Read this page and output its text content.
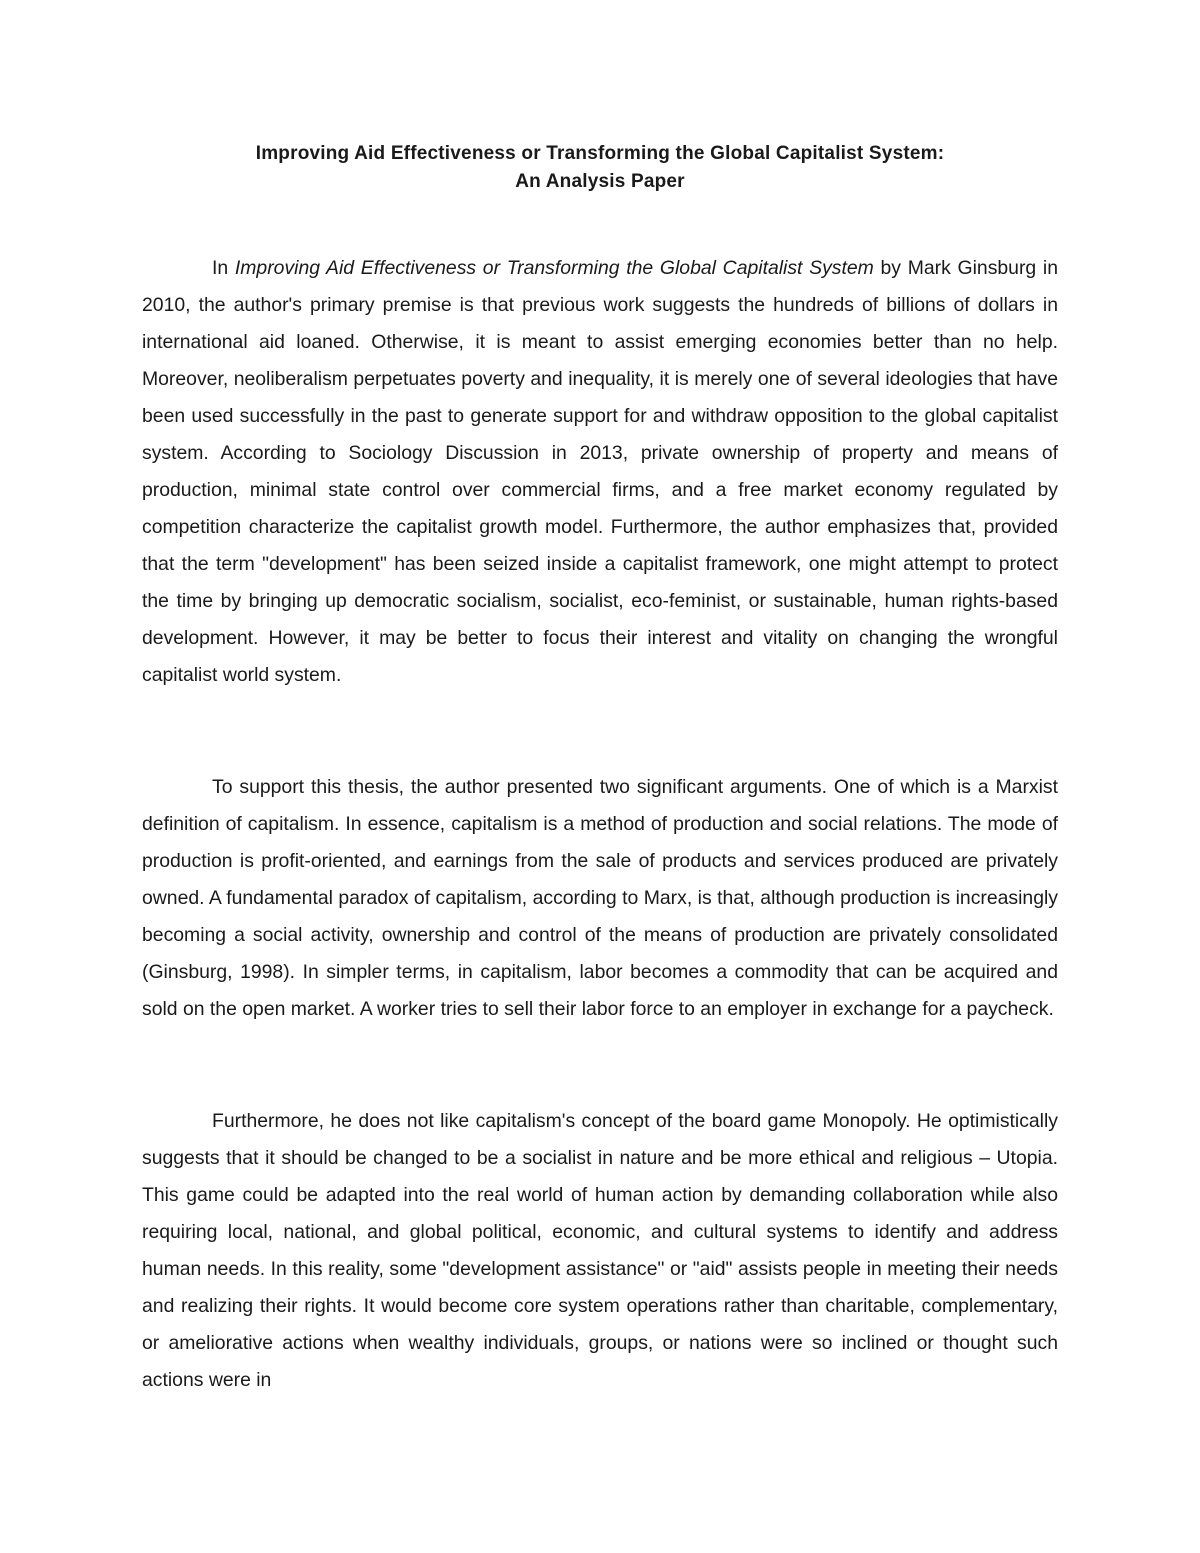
Improving Aid Effectiveness or Transforming the Global Capitalist System:
An Analysis Paper

In Improving Aid Effectiveness or Transforming the Global Capitalist System by Mark Ginsburg in 2010, the author's primary premise is that previous work suggests the hundreds of billions of dollars in international aid loaned. Otherwise, it is meant to assist emerging economies better than no help. Moreover, neoliberalism perpetuates poverty and inequality, it is merely one of several ideologies that have been used successfully in the past to generate support for and withdraw opposition to the global capitalist system. According to Sociology Discussion in 2013, private ownership of property and means of production, minimal state control over commercial firms, and a free market economy regulated by competition characterize the capitalist growth model. Furthermore, the author emphasizes that, provided that the term "development" has been seized inside a capitalist framework, one might attempt to protect the time by bringing up democratic socialism, socialist, eco-feminist, or sustainable, human rights-based development. However, it may be better to focus their interest and vitality on changing the wrongful capitalist world system.

To support this thesis, the author presented two significant arguments. One of which is a Marxist definition of capitalism. In essence, capitalism is a method of production and social relations. The mode of production is profit-oriented, and earnings from the sale of products and services produced are privately owned. A fundamental paradox of capitalism, according to Marx, is that, although production is increasingly becoming a social activity, ownership and control of the means of production are privately consolidated (Ginsburg, 1998). In simpler terms, in capitalism, labor becomes a commodity that can be acquired and sold on the open market. A worker tries to sell their labor force to an employer in exchange for a paycheck.

Furthermore, he does not like capitalism's concept of the board game Monopoly. He optimistically suggests that it should be changed to be a socialist in nature and be more ethical and religious – Utopia. This game could be adapted into the real world of human action by demanding collaboration while also requiring local, national, and global political, economic, and cultural systems to identify and address human needs. In this reality, some "development assistance" or "aid" assists people in meeting their needs and realizing their rights. It would become core system operations rather than charitable, complementary, or ameliorative actions when wealthy individuals, groups, or nations were so inclined or thought such actions were in
